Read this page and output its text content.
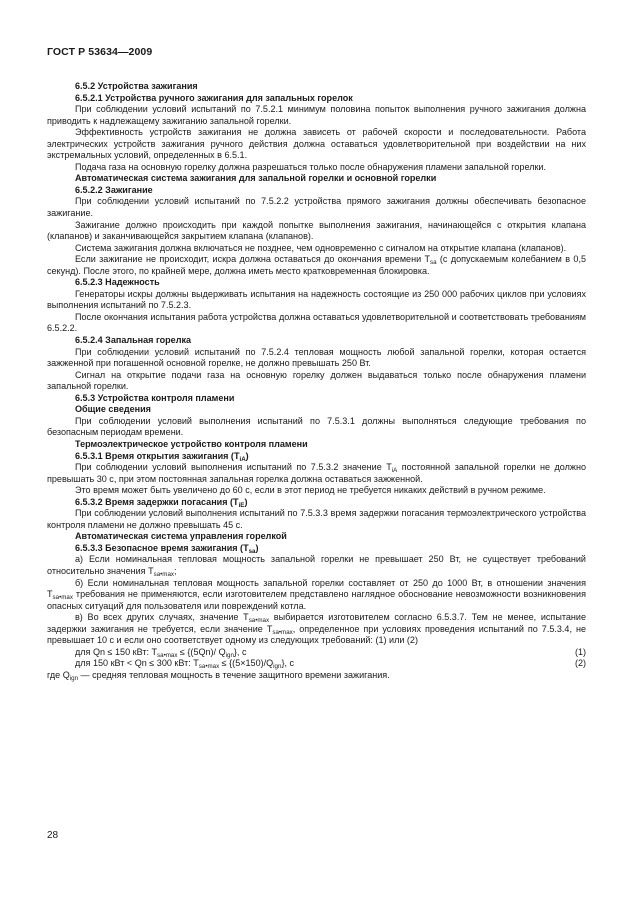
ГОСТ Р 53634—2009

6.5.2 Устройства зажигания

6.5.2.1 Устройства ручного зажигания для запальных горелок

При соблюдении условий испытаний по 7.5.2.1 минимум половина попыток выполнения ручного зажигания должна приводить к надлежащему зажиганию запальной горелки.

Эффективность устройств зажигания не должна зависеть от рабочей скорости и последовательности. Работа электрических устройств зажигания ручного действия должна оставаться удовлетворительной при воздействии на них экстремальных условий, определенных в 6.5.1.

Подача газа на основную горелку должна разрешаться только после обнаружения пламени запальной горелки.

Автоматическая система зажигания для запальной горелки и основной горелки

6.5.2.2 Зажигание

При соблюдении условий испытаний по 7.5.2.2 устройства прямого зажигания должны обеспечивать безопасное зажигание.

Зажигание должно происходить при каждой попытке выполнения зажигания, начинающейся с открытия клапана (клапанов) и заканчивающейся закрытием клапана (клапанов).

Система зажигания должна включаться не позднее, чем одновременно с сигналом на открытие клапана (клапанов).

Если зажигание не происходит, искра должна оставаться до окончания времени $T_{sa}$ (с допускаемым колебанием в 0,5 секунд). После этого, по крайней мере, должна иметь место кратковременная блокировка.

6.5.2.3 Надежность

Генераторы искры должны выдерживать испытания на надежность состоящие из 250 000 рабочих циклов при условиях выполнения испытаний по 7.5.2.3.

После окончания испытания работа устройства должна оставаться удовлетворительной и соответствовать требованиям 6.5.2.2.

6.5.2.4 Запальная горелка

При соблюдении условий испытаний по 7.5.2.4 тепловая мощность любой запальной горелки, которая остается зажженной при погашенной основной горелке, не должно превышать 250 Вт.

Сигнал на открытие подачи газа на основную горелку должен выдаваться только после обнаружения пламени запальной горелки.

6.5.3 Устройства контроля пламени

Общие сведения

При соблюдении условий выполнения испытаний по 7.5.3.1 должны выполняться следующие требования по безопасным периодам времени.

Термоэлектрическое устройство контроля пламени

6.5.3.1 Время открытия зажигания $(T_{iA})$

При соблюдении условий выполнения испытаний по 7.5.3.2 значение $T_{iA}$ постоянной запальной горелки не должно превышать 30 с, при этом постоянная запальная горелка должна оставаться зажженной.

Это время может быть увеличено до 60 с, если в этот период не требуется никаких действий в ручном режиме.

6.5.3.2 Время задержки погасания $(T_{iE})$

При соблюдении условий выполнения испытаний по 7.5.3.3 время задержки погасания термоэлектрического устройства контроля пламени не должно превышать 45 с.

Автоматическая система управления горелкой

6.5.3.3 Безопасное время зажигания $(T_{sa})$

а) Если номинальная тепловая мощность запальной горелки не превышает 250 Вт, не существует требований относительно значения $T_{sa•max}$;

б) Если номинальная тепловая мощность запальной горелки составляет от 250 до 1000 Вт, в отношении значения $T_{sa•max}$ требования не применяются, если изготовителем представлено наглядное обоснование невозможности возникновения опасных ситуаций для пользователя или повреждений котла.

в) Во всех других случаях, значение $T_{sa•max}$ выбирается изготовителем согласно 6.5.3.7. Тем не менее, испытание задержки зажигания не требуется, если значение $T_{sa•max}$, определенное при условиях проведения испытаний по 7.5.3.4, не превышает 10 с и если оно соответствует одному из следующих требований: (1) или (2)

для Qn ≤ 150 кВт: $T_{sa•max} \le \{(5Qn)/$ $Q_{ign}$}, c	(1)

для 150 кВт < Qn ≤ 300 кВт: $T_{sa•max} \le \{(5\times 150)/Q_{ign}\}$, c	(2)

где $Q_{ign}$ — средняя тепловая мощность в течение защитного времени зажигания.

28
